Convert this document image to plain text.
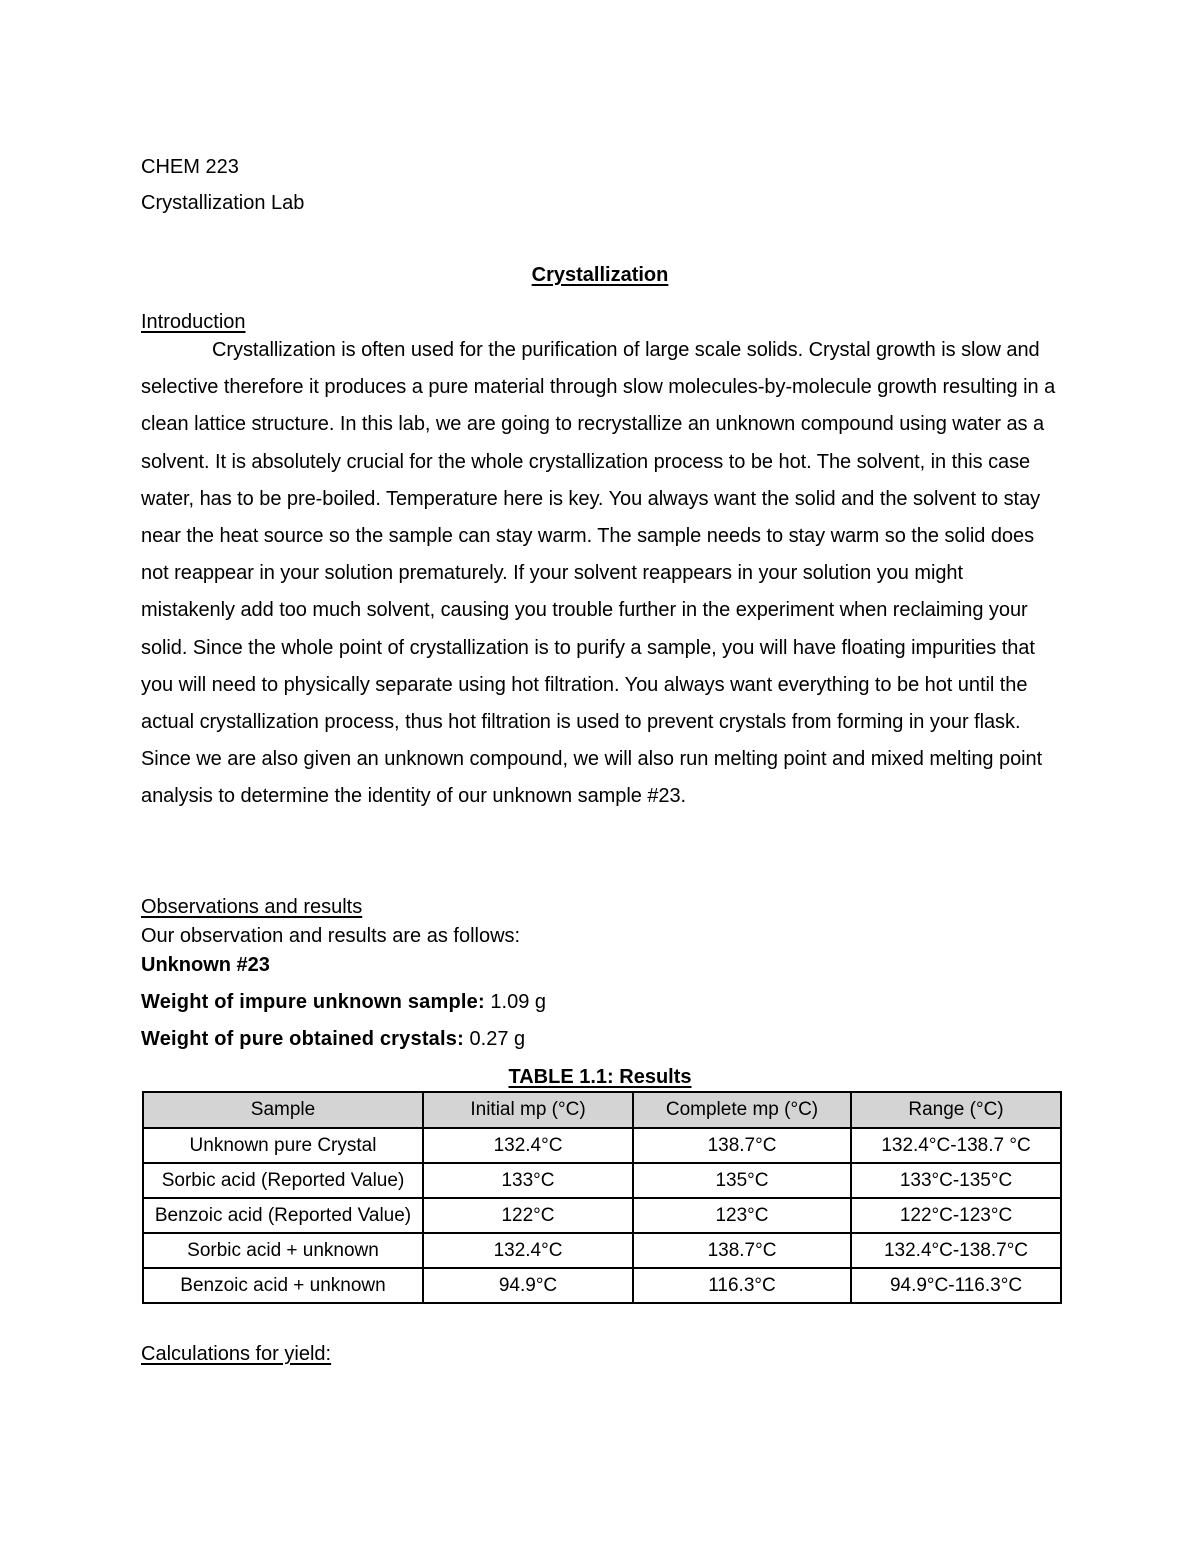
CHEM 223
Crystallization Lab
Crystallization
Introduction

Crystallization is often used for the purification of large scale solids. Crystal growth is slow and selective therefore it produces a pure material through slow molecules-by-molecule growth resulting in a clean lattice structure. In this lab, we are going to recrystallize an unknown compound using water as a solvent. It is absolutely crucial for the whole crystallization process to be hot. The solvent, in this case water, has to be pre-boiled. Temperature here is key. You always want the solid and the solvent to stay near the heat source so the sample can stay warm. The sample needs to stay warm so the solid does not reappear in your solution prematurely. If your solvent reappears in your solution you might mistakenly add too much solvent, causing you trouble further in the experiment when reclaiming your solid. Since the whole point of crystallization is to purify a sample, you will have floating impurities that you will need to physically separate using hot filtration. You always want everything to be hot until the actual crystallization process, thus hot filtration is used to prevent crystals from forming in your flask. Since we are also given an unknown compound, we will also run melting point and mixed melting point analysis to determine the identity of our unknown sample #23.

Observations and results
Our observation and results are as follows:
Unknown #23
Weight of impure unknown sample: 1.09 g
Weight of pure obtained crystals: 0.27 g
TABLE 1.1: Results
Sample	Initial mp (°C)	Complete mp (°C)	Range (°C)
Unknown pure Crystal	132.4°C	138.7°C	132.4°C-138.7 °C
Sorbic acid (Reported Value)	133°C	135°C	133°C-135°C
Benzoic acid (Reported Value)	122°C	123°C	122°C-123°C
Sorbic acid + unknown	132.4°C	138.7°C	132.4°C-138.7°C
Benzoic acid + unknown	94.9°C	116.3°C	94.9°C-116.3°C
Calculations for yield:
